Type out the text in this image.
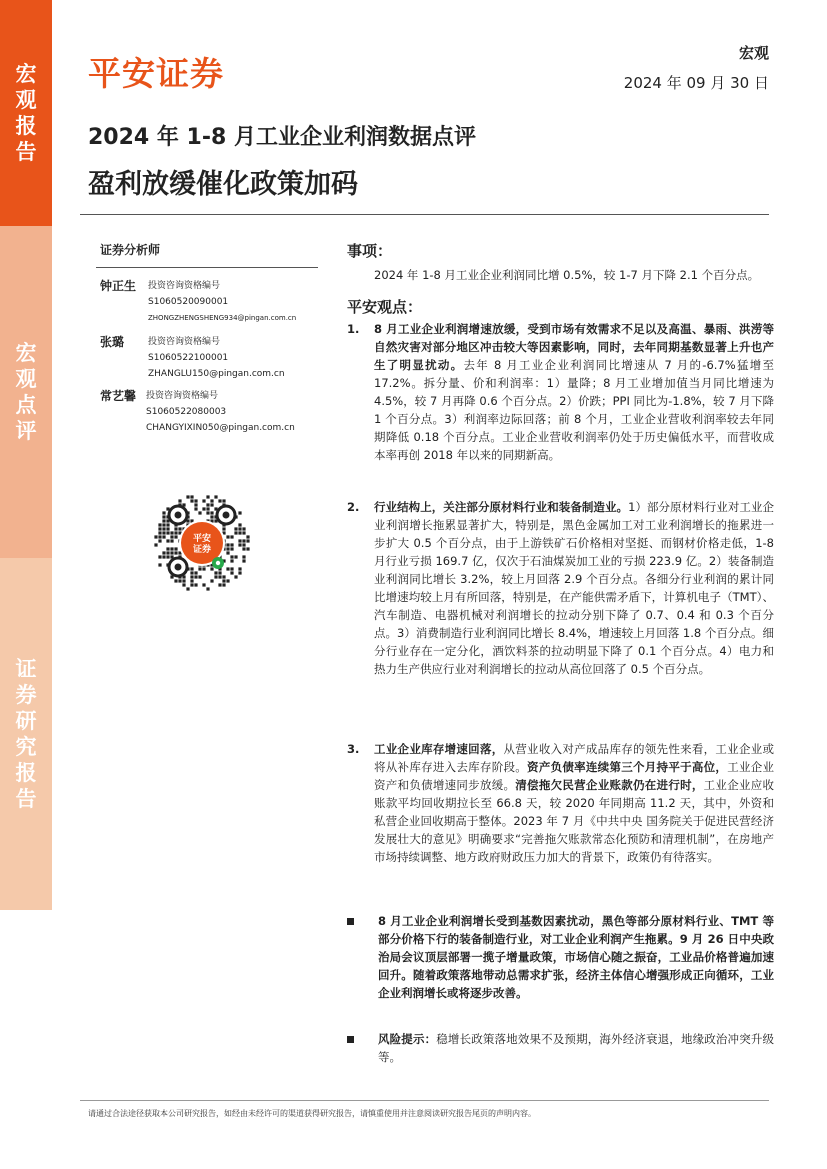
宏观报告
宏观点评
证券研究报告
平安证券
宏观
2024 年 09 月 30 日
2024 年 1-8 月工业企业利润数据点评
盈利放缓催化政策加码
证券分析师
钟正生 投资咨询资格编号
S1060520090001
ZHONGZHENGSHENG934@pingan.com.cn
张璐	投资咨询资格编号
S1060522100001
ZHANGLU150@pingan.com.cn
常艺馨 投资咨询资格编号
S1060522080003
CHANGYIXIN050@pingan.com.cn
平安
证券
事项：
2024 年 1-8 月工业企业利润同比增 0.5%，较 1-7 月下降 2.1 个百分点。
平安观点：
1. 8 月工业企业利润增速放缓，受到市场有效需求不足以及高温、暴雨、洪涝等自然灾害对部分地区冲击较大等因素影响，同时，去年同期基数显著上升也产生了明显扰动。去年 8 月工业企业利润同比增速从 7 月的-6.7%猛增至 17.2%。拆分量、价和利润率：1）量降；8 月工业增加值当月同比增速为 4.5%，较 7 月再降 0.6 个百分点。2）价跌；PPI 同比为-1.8%，较 7 月下降 1 个百分点。3）利润率边际回落；前 8 个月，工业企业营收利润率较去年同期降低 0.18 个百分点。工业企业营收利润率仍处于历史偏低水平，而营收成本率再创 2018 年以来的同期新高。
2. 行业结构上，关注部分原材料行业和装备制造业。1）部分原材料行业对工业企业利润增长拖累显著扩大，特别是，黑色金属加工对工业利润增长的拖累进一步扩大 0.5 个百分点，由于上游铁矿石价格相对坚挺、而钢材价格走低，1-8 月行业亏损 169.7 亿，仅次于石油煤炭加工业的亏损 223.9 亿。2）装备制造业利润同比增长 3.2%，较上月回落 2.9 个百分点。各细分行业利润的累计同比增速均较上月有所回落，特别是，在产能供需矛盾下，计算机电子（TMT）、汽车制造、电器机械对利润增长的拉动分别下降了 0.7、0.4 和 0.3 个百分点。3）消费制造行业利润同比增长 8.4%，增速较上月回落 1.8 个百分点。细分行业存在一定分化，酒饮料茶的拉动明显下降了 0.1 个百分点。4）电力和热力生产供应行业对利润增长的拉动从高位回落了 0.5 个百分点。
3. 工业企业库存增速回落，从营业收入对产成品库存的领先性来看，工业企业或将从补库存进入去库存阶段。资产负债率连续第三个月持平于高位，工业企业资产和负债增速同步放缓。清偿拖欠民营企业账款仍在进行时，工业企业应收账款平均回收期拉长至 66.8 天，较 2020 年同期高 11.2 天，其中，外资和私营企业回收期高于整体。2023 年 7 月《中共中央 国务院关于促进民营经济发展壮大的意见》明确要求“完善拖欠账款常态化预防和清理机制”，在房地产市场持续调整、地方政府财政压力加大的背景下，政策仍有待落实。
8 月工业企业利润增长受到基数因素扰动，黑色等部分原材料行业、TMT 等部分价格下行的装备制造行业，对工业企业利润产生拖累。9 月 26 日中央政治局会议顶层部署一揽子增量政策，市场信心随之振奋，工业品价格普遍加速回升。随着政策落地带动总需求扩张，经济主体信心增强形成正向循环，工业企业利润增长或将逐步改善。
风险提示：稳增长政策落地效果不及预期，海外经济衰退，地缘政治冲突升级等。
请通过合法途径获取本公司研究报告，如经由未经许可的渠道获得研究报告，请慎重使用并注意阅读研究报告尾页的声明内容。
